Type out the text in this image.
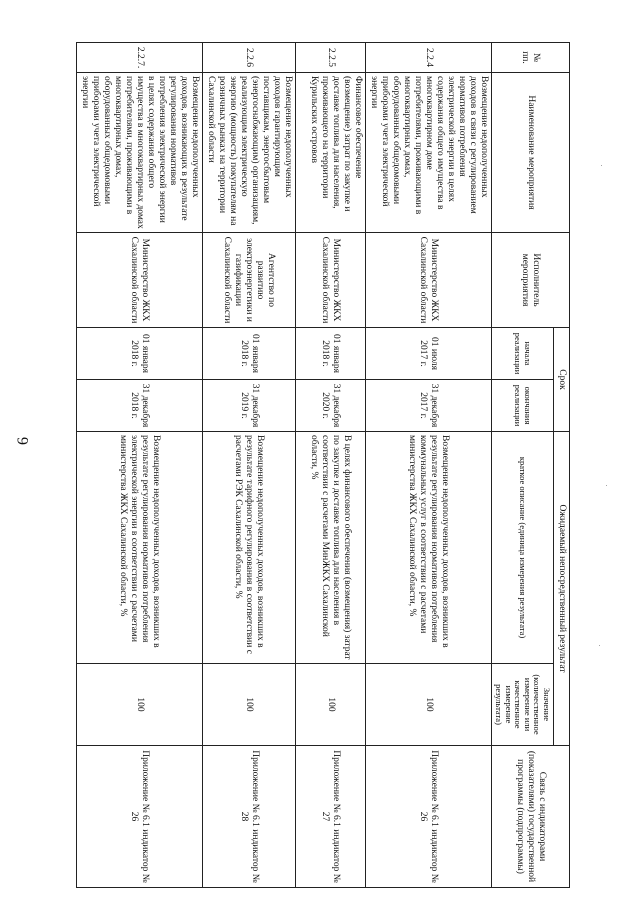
6
·
·
·
№ пп.	Наименование мероприятия	Исполнитель мероприятия	Срок		Ожидаемый непосредственный результат		Связь с индикаторами (показателями) государственной программы (подпрограммы)
			начала реализации	окончания реализации	краткое описание (единица измерения результата)	Значение (количественное измерение или качественное измерение результата)	
2.2.4	Возмещение недополученных доходов в связи с регулированием нормативов потребления электрической энергии в целях содержания общего имущества в многоквартирном доме потребителями, проживающими в многоквартирных домах, оборудованных общедомовыми приборами учета электрической энергии	Министерство ЖКХ Сахалинской области	01 июля 2017 г.	31 декабря 2017 г.	Возмещение недополученных доходов, возникших в результате регулирования нормативов потребления коммунальных услуг в соответствии с расчетами министерства ЖКХ Сахалинской области, %	100	Приложение № 6.1 индикатор № 26
2.2.5	Финансовое обеспечение (возмещение) затрат по закупке и доставке топлива для населения, проживающего на территории Курильских островов	Министерство ЖКХ Сахалинской области	01 января 2018 г.	31 декабря 2020 г.	В целях финансового обеспечения (возмещения) затрат по закупке и доставке топлива для населения в соответствии с расчетами МинЖКХ Сахалинской области, %	100	Приложение № 6.1 индикатор № 27
2.2.6	Возмещение недополученных доходов гарантирующим поставщикам, энергосбытовым (энергоснабжающим) организациям, реализующим электрическую энергию (мощность) покупателям на розничных рынках на территории Сахалинской области	Агентство по развитию электроэнергетики и газификации Сахалинской области	01 января 2018 г.	31 декабря 2019 г.	Возмещение недополученных доходов, возникших в результате тарифного регулирования в соответствии с расчетами РЭК Сахалинской области, %	100	Приложение № 6.1 индикатор № 28
2.2.7.	Возмещение недополученных доходов, возникающих в результате регулирования нормативов потребления электрической энергии в целях содержания общего имущества в многоквартирных домах потребителями, проживающими в многоквартирных домах, оборудованных общедомовыми приборами учета электрической энергии	Министерство ЖКХ Сахалинской области	01 января 2018 г.	31 декабря 2018 г.	Возмещение недополученных доходов, возникших в результате регулирования нормативов потребления электрической энергии в соответствии с расчетами министерства ЖКХ Сахалинской области, %	100	Приложение № 6.1 индикатор № 26
